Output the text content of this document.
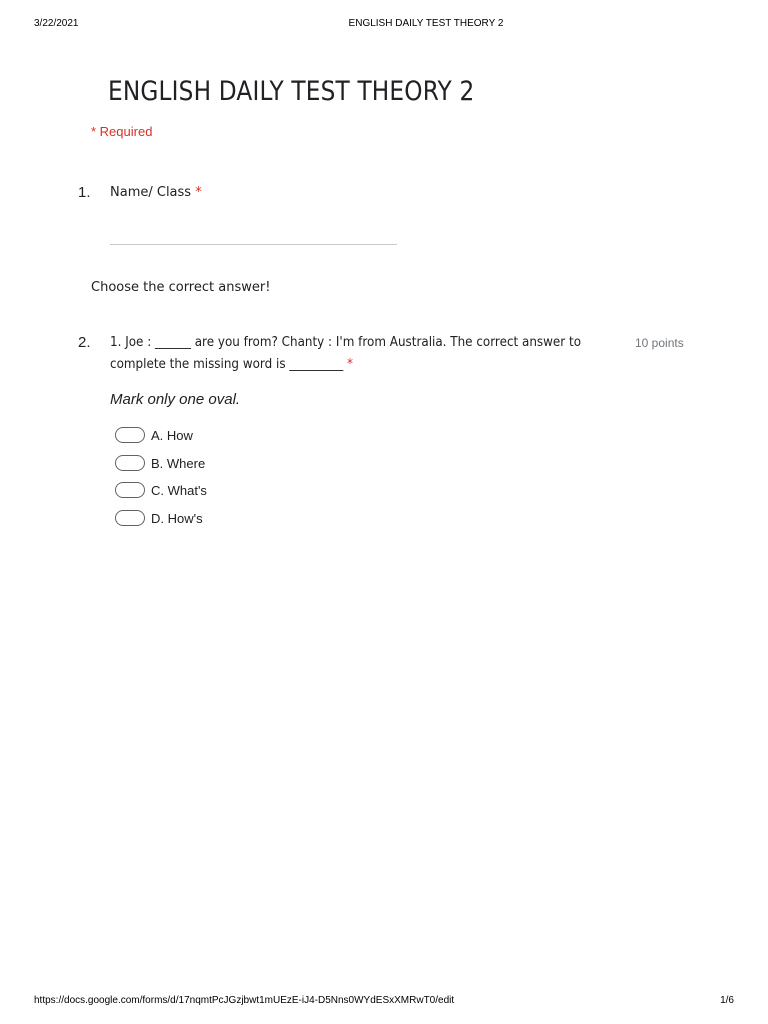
3/22/2021	ENGLISH DAILY TEST THEORY 2
ENGLISH DAILY TEST THEORY 2
* Required
1. Name/ Class *
Choose the correct answer!
2. 1. Joe : ______ are you from? Chanty : I'm from Australia. The correct answer to
complete the missing word is _________ *
10 points
Mark only one oval.
A. How
B. Where
C. What's
D. How's
https://docs.google.com/forms/d/17nqmtPcJGzjbwt1mUEzE-iJ4-D5Nns0WYdESxXMRwT0/edit	1/6
